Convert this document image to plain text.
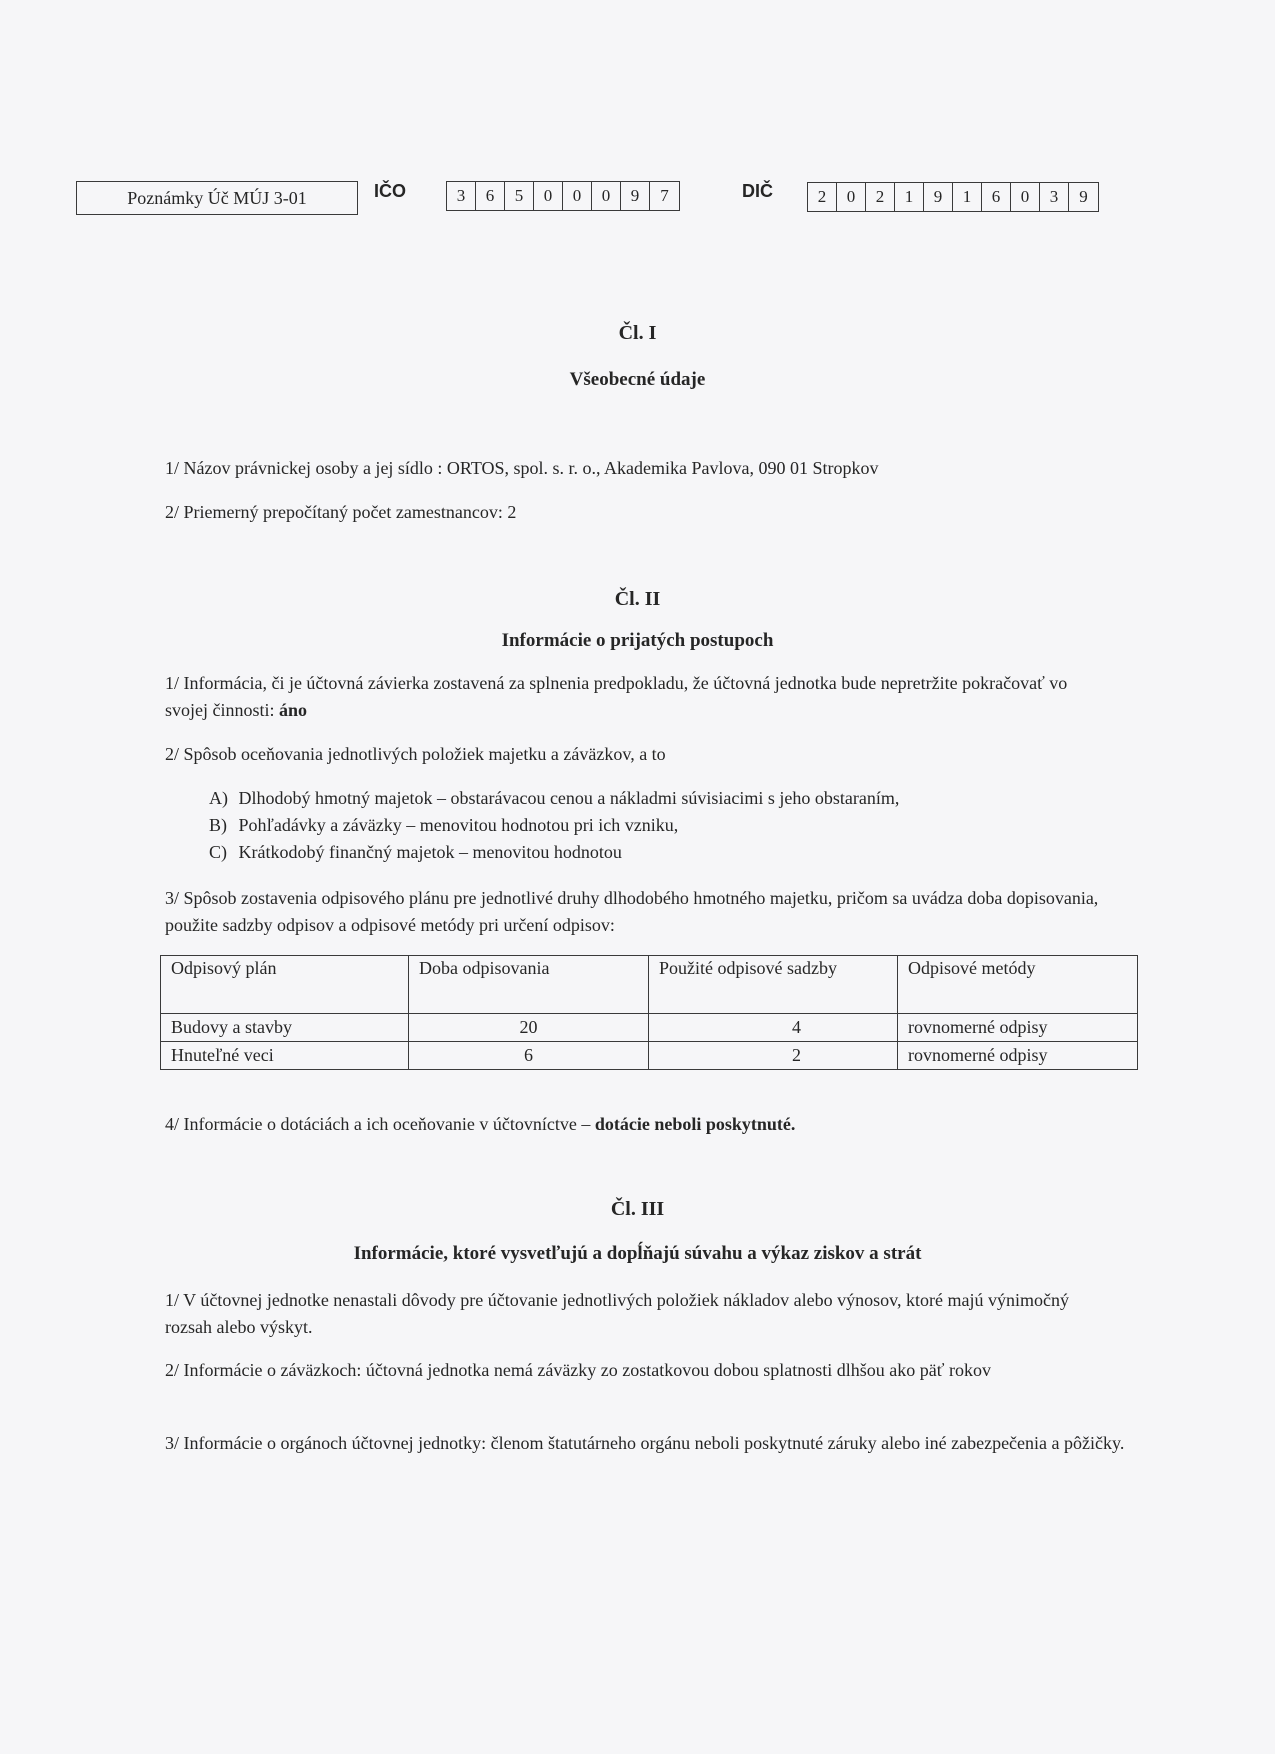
Poznámky Úč MÚJ 3-01	IČO	3	6	5	0	0	0	9	7	DIČ	2	0	2	1	9	1	6	0	3	9
Čl. I
Všeobecné údaje
1/ Názov právnickej osoby a jej sídlo : ORTOS, spol. s. r. o., Akademika Pavlova, 090 01 Stropkov
2/ Priemerný prepočítaný počet zamestnancov: 2
Čl. II
Informácie o prijatých postupoch
1/ Informácia, či je účtovná závierka zostavená za splnenia predpokladu, že účtovná jednotka bude nepretržite pokračovať vo svojej činnosti: áno
2/ Spôsob oceňovania jednotlivých položiek majetku a záväzkov, a to
A) Dlhodobý hmotný majetok – obstarávacou cenou a nákladmi súvisiacimi s jeho obstaraním,
B) Pohľadávky a záväzky – menovitou hodnotou pri ich vzniku,
C) Krátkodobý finančný majetok – menovitou hodnotou
3/ Spôsob zostavenia odpisového plánu pre jednotlivé druhy dlhodobého hmotného majetku, pričom sa uvádza doba dopisovania, použite sadzby odpisov a odpisové metódy pri určení odpisov:
Odpisový plán	Doba odpisovania	Použité odpisové sadzby	Odpisové metódy
Budovy a stavby	20	4	rovnomerné odpisy
Hnuteľné veci	6	2	rovnomerné odpisy
4/ Informácie o dotáciách a ich oceňovanie v účtovníctve – dotácie neboli poskytnuté.
Čl. III
Informácie, ktoré vysvetľujú a dopĺňajú súvahu a výkaz ziskov a strát
1/ V účtovnej jednotke nenastali dôvody pre účtovanie jednotlivých položiek nákladov alebo výnosov, ktoré majú výnimočný rozsah alebo výskyt.
2/ Informácie o záväzkoch: účtovná jednotka nemá záväzky zo zostatkovou dobou splatnosti dlhšou ako päť rokov
3/ Informácie o orgánoch účtovnej jednotky: členom štatutárneho orgánu neboli poskytnuté záruky alebo iné zabezpečenia a pôžičky.
